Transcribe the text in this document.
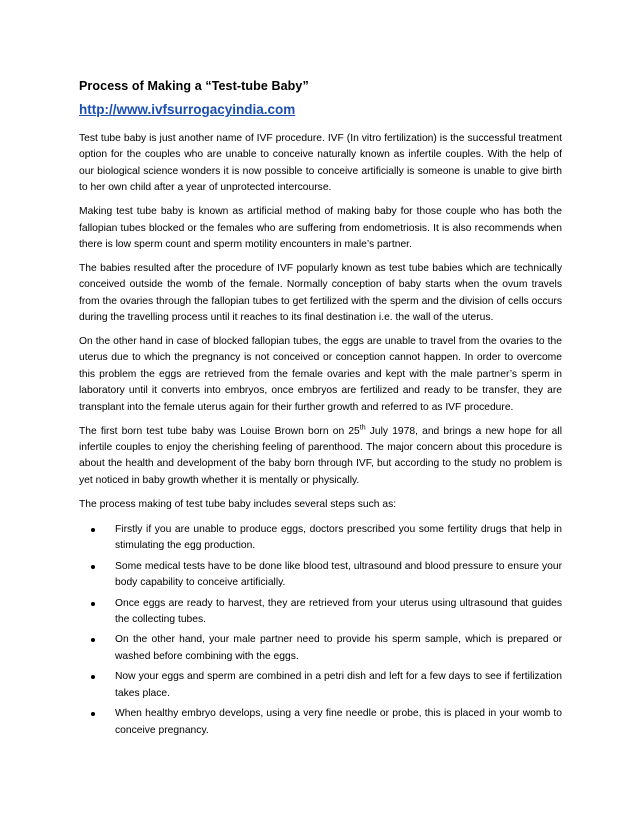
Process of Making a “Test-tube Baby”
http://www.ivfsurrogacyindia.com

Test tube baby is just another name of IVF procedure. IVF (In vitro fertilization) is the successful treatment option for the couples who are unable to conceive naturally known as infertile couples. With the help of our biological science wonders it is now possible to conceive artificially is someone is unable to give birth to her own child after a year of unprotected intercourse.

Making test tube baby is known as artificial method of making baby for those couple who has both the fallopian tubes blocked or the females who are suffering from endometriosis. It is also recommends when there is low sperm count and sperm motility encounters in male’s partner.

The babies resulted after the procedure of IVF popularly known as test tube babies which are technically conceived outside the womb of the female. Normally conception of baby starts when the ovum travels from the ovaries through the fallopian tubes to get fertilized with the sperm and the division of cells occurs during the travelling process until it reaches to its final destination i.e. the wall of the uterus.

On the other hand in case of blocked fallopian tubes, the eggs are unable to travel from the ovaries to the uterus due to which the pregnancy is not conceived or conception cannot happen. In order to overcome this problem the eggs are retrieved from the female ovaries and kept with the male partner’s sperm in laboratory until it converts into embryos, once embryos are fertilized and ready to be transfer, they are transplant into the female uterus again for their further growth and referred to as IVF procedure.

The first born test tube baby was Louise Brown born on 25th July 1978, and brings a new hope for all infertile couples to enjoy the cherishing feeling of parenthood. The major concern about this procedure is about the health and development of the baby born through IVF, but according to the study no problem is yet noticed in baby growth whether it is mentally or physically.

The process making of test tube baby includes several steps such as:

Firstly if you are unable to produce eggs, doctors prescribed you some fertility drugs that help in stimulating the egg production.
Some medical tests have to be done like blood test, ultrasound and blood pressure to ensure your body capability to conceive artificially.
Once eggs are ready to harvest, they are retrieved from your uterus using ultrasound that guides the collecting tubes.
On the other hand, your male partner need to provide his sperm sample, which is prepared or washed before combining with the eggs.
Now your eggs and sperm are combined in a petri dish and left for a few days to see if fertilization takes place.
When healthy embryo develops, using a very fine needle or probe, this is placed in your womb to conceive pregnancy.
